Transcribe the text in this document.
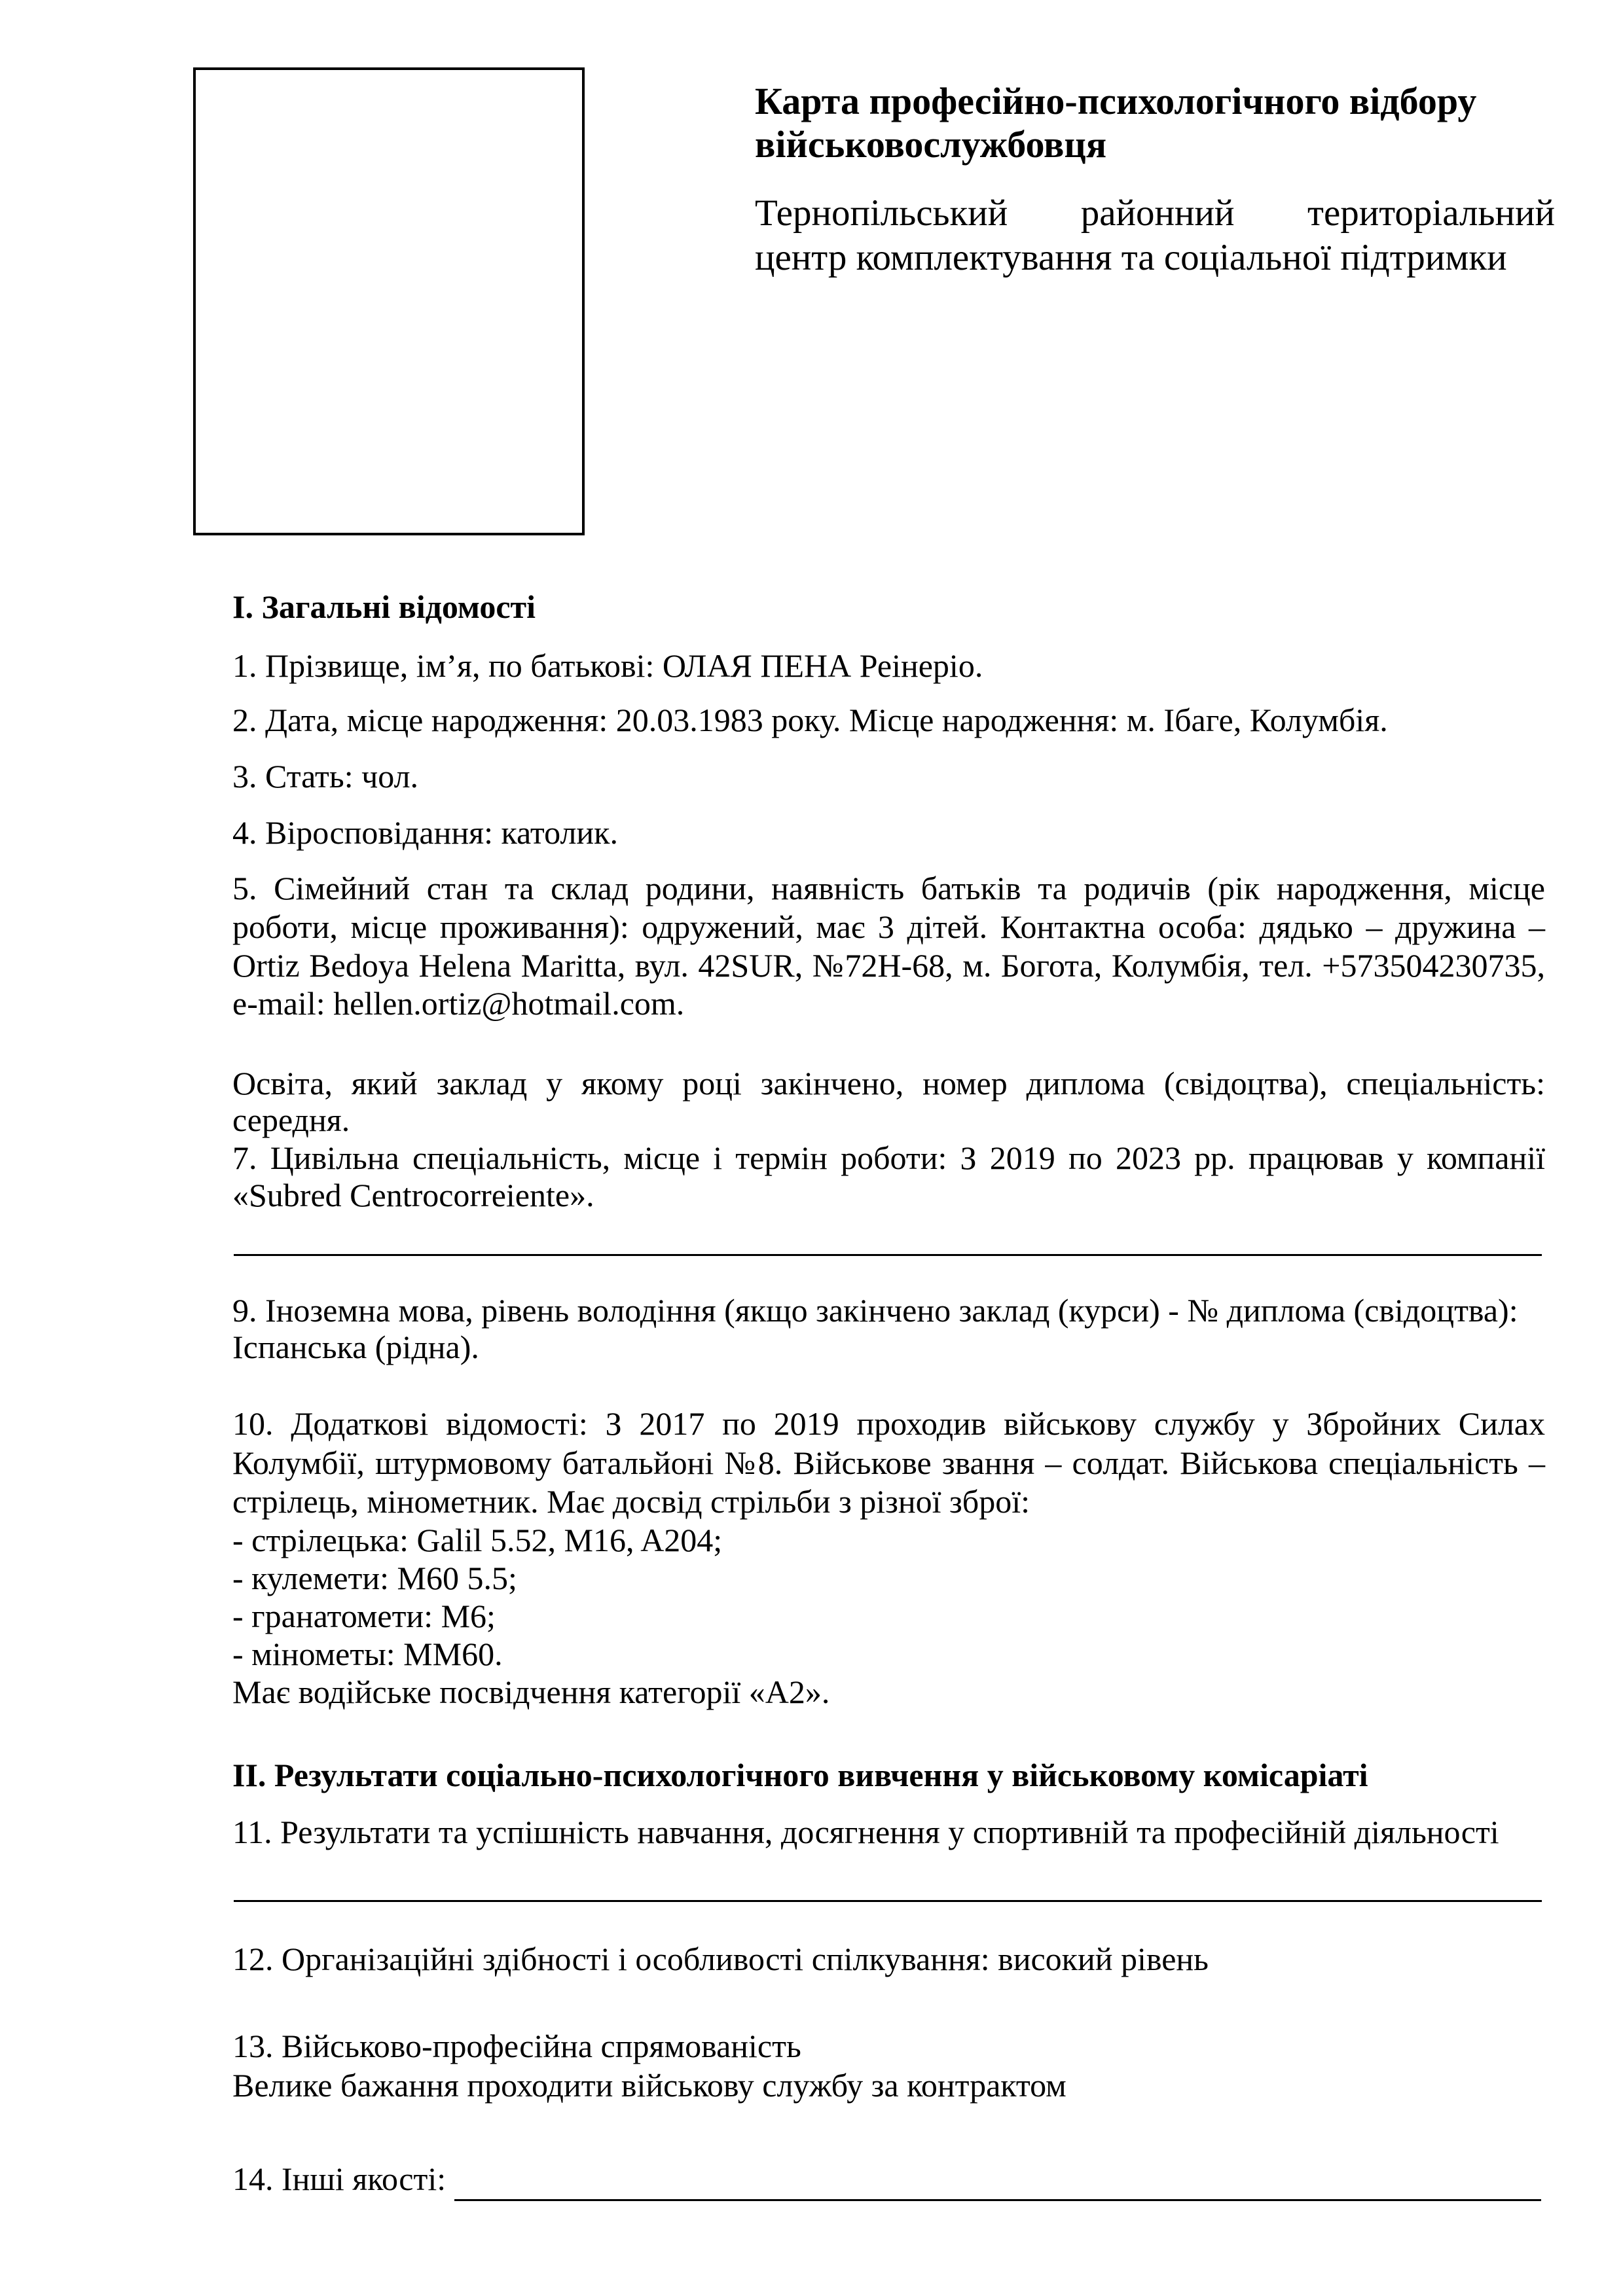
Карта професійно-психологічного відбору
військовослужбовця
Тернопільський районний територіальний
центр комплектування та соціальної підтримки
I. Загальні відомості
1. Прізвище, ім’я, по батькові: ОЛАЯ ПЕНА Реінеріо.
2. Дата, місце народження: 20.03.1983 року. Місце народження: м. Ібаге, Колумбія.
3. Стать: чол.
4. Віросповідання: католик.
5. Сімейний стан та склад родини, наявність батьків та родичів (рік народження, місце
роботи, місце проживання): одружений, має 3 дітей. Контактна особа: дядько – дружина –
Ortiz Bedoya Helena Maritta, вул. 42SUR, №72H-68, м. Богота, Колумбія, тел. +573504230735,
e-mail: hellen.ortiz@hotmail.com.
Освіта, який заклад у якому році закінчено, номер диплома (свідоцтва), спеціальність:
середня.
7. Цивільна спеціальність, місце і термін роботи: З 2019 по 2023 рр. працював у компанії
«Subred Centrocorreiente».
9. Іноземна мова, рівень володіння (якщо закінчено заклад (курси) - № диплома (свідоцтва):
Іспанська (рідна).
10. Додаткові відомості: З 2017 по 2019 проходив військову службу у Збройних Силах
Колумбії, штурмовому батальйоні №8. Військове звання – солдат. Військова спеціальність –
стрілець, мінометник. Має досвід стрільби з різної зброї:
- стрілецька: Galil 5.52, M16, A204;
- кулемети: M60 5.5;
- гранатомети: M6;
- мінометы: MM60.
Має водійське посвідчення категорії «А2».
II. Результати соціально-психологічного вивчення у військовому комісаріаті
11. Результати та успішність навчання, досягнення у спортивній та професійній діяльності
12. Організаційні здібності і особливості спілкування: високий рівень
13. Військово-професійна спрямованість
Велике бажання проходити військову службу за контрактом
14. Інші якості:
